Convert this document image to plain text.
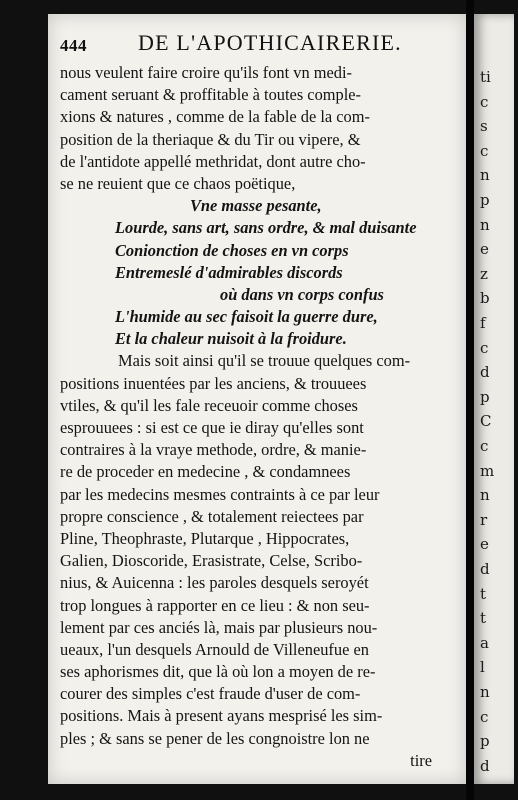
ti
c
s
c
n
p
n
e
z
b
f
c
d
p
C
c
m
n
r
e
d
t
t
a
l
n
c
p
d
444 DE L'APOTHICAIRERIE.
nous veulent faire croire qu'ils font vn medi-
cament seruant & proffitable à toutes comple-
xions & natures , comme de la fable de la com-
position de la theriaque & du Tir ou vipere, &
de l'antidote appellé methridat, dont autre cho-
se ne reuient que ce chaos poëtique,
Vne masse pesante,
Lourde, sans art, sans ordre, & mal duisante
Conionction de choses en vn corps
Entremeslé d'admirables discords
où dans vn corps confus
L'humide au sec faisoit la guerre dure,
Et la chaleur nuisoit à la froidure.
Mais soit ainsi qu'il se trouue quelques com-
positions inuentées par les anciens, & trouuees
vtiles, & qu'il les fale receuoir comme choses
esprouuees : si est ce que ie diray qu'elles sont
contraires à la vraye methode, ordre, & manie-
re de proceder en medecine , & condamnees
par les medecins mesmes contraints à ce par leur
propre conscience , & totalement reiectees par
Pline, Theophraste, Plutarque , Hippocrates,
Galien, Dioscoride, Erasistrate, Celse, Scribo-
nius, & Auicenna : les paroles desquels seroyét
trop longues à rapporter en ce lieu : & non seu-
lement par ces anciés là, mais par plusieurs nou-
ueaux, l'un desquels Arnould de Villeneufue en
ses aphorismes dit, que là où lon a moyen de re-
courer des simples c'est fraude d'user de com-
positions. Mais à present ayans mesprisé les sim-
ples ; & sans se pener de les congnoistre lon ne
tire
